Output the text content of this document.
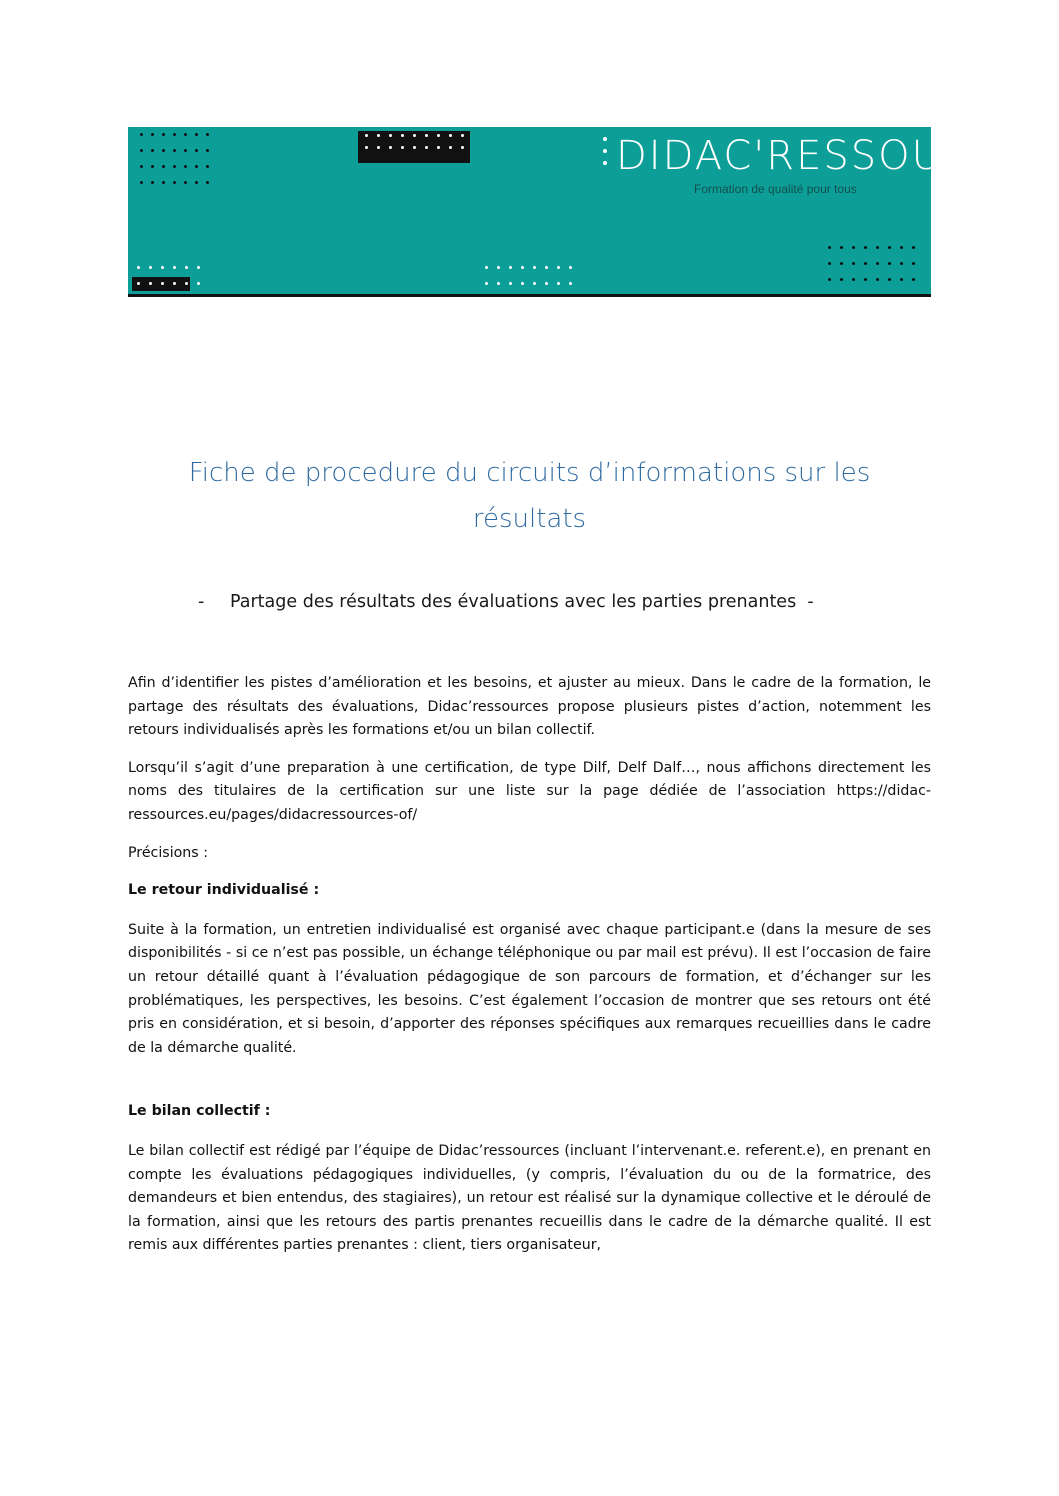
DIDAC'RESSOURCES
Formation de qualité pour tous
Fiche de procedure du circuits d’informations sur les résultats
- Partage des résultats des évaluations avec les parties prenantes -

Afin d’identifier les pistes d’amélioration et les besoins, et ajuster au mieux. Dans le cadre de la formation, le partage des résultats des évaluations, Didac’ressources propose plusieurs pistes d’action, notemment les retours individualisés après les formations et/ou un bilan collectif.

Lorsqu’il s’agit d’une preparation à une certification, de type Dilf, Delf Dalf…, nous affichons directement les noms des titulaires de la certification sur une liste sur la page dédiée de l’association https://didac-ressources.eu/pages/didacressources-of/

Précisions :

Le retour individualisé :

Suite à la formation, un entretien individualisé est organisé avec chaque participant.e (dans la mesure de ses disponibilités - si ce n’est pas possible, un échange téléphonique ou par mail est prévu). Il est l’occasion de faire un retour détaillé quant à l’évaluation pédagogique de son parcours de formation, et d’échanger sur les problématiques, les perspectives, les besoins. C’est également l’occasion de montrer que ses retours ont été pris en considération, et si besoin, d’apporter des réponses spécifiques aux remarques recueillies dans le cadre de la démarche qualité.

Le bilan collectif :

Le bilan collectif est rédigé par l’équipe de Didac’ressources (incluant l’intervenant.e. referent.e), en prenant en compte les évaluations pédagogiques individuelles, (y compris, l’évaluation du ou de la formatrice, des demandeurs et bien entendus, des stagiaires), un retour est réalisé sur la dynamique collective et le déroulé de la formation, ainsi que les retours des partis prenantes recueillis dans le cadre de la démarche qualité. Il est remis aux différentes parties prenantes : client, tiers organisateur,
